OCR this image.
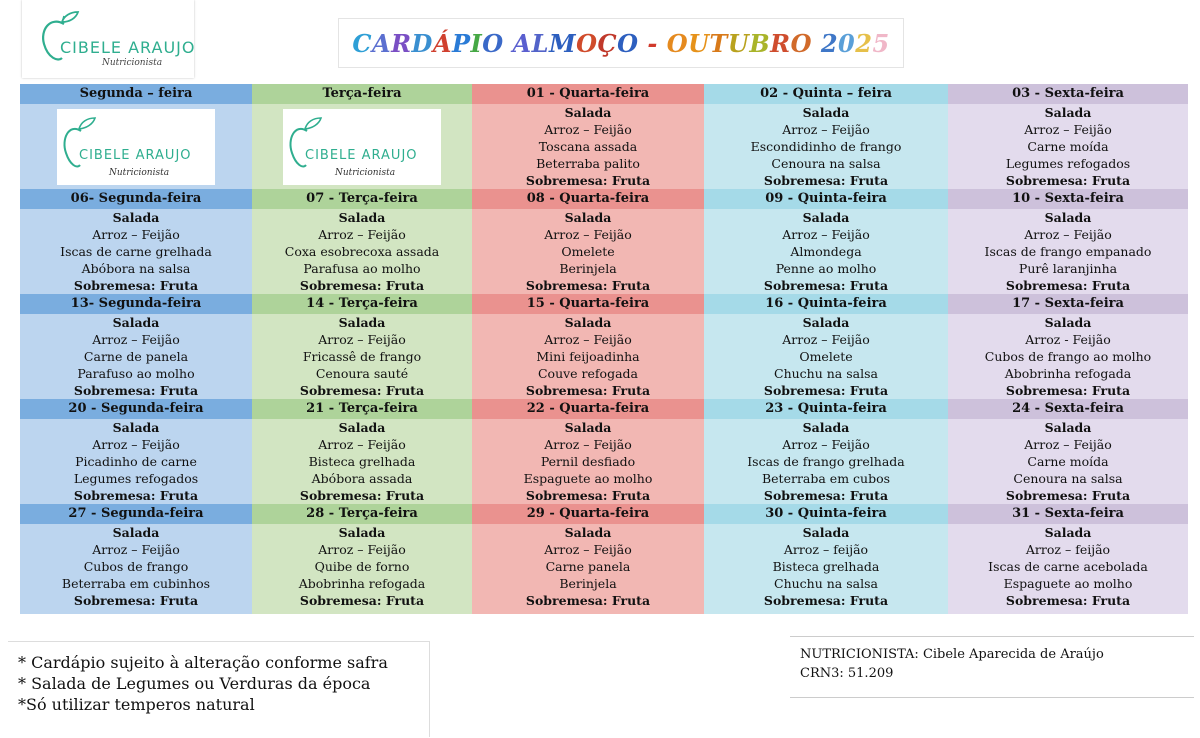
CIBELE ARAUJO
Nutricionista
CARDÁPIO ALMOÇO - OUTUBRO 2025
Segunda – feira
CIBELE ARAUJO
Nutricionista
06- Segunda-feira
Salada
Arroz – Feijão
Iscas de carne grelhada
Abóbora na salsa
Sobremesa: Fruta
13- Segunda-feira
Salada
Arroz – Feijão
Carne de panela
Parafuso ao molho
Sobremesa: Fruta
20 - Segunda-feira
Salada
Arroz – Feijão
Picadinho de carne
Legumes refogados
Sobremesa: Fruta
27 - Segunda-feira
Salada
Arroz – Feijão
Cubos de frango
Beterraba em cubinhos
Sobremesa: Fruta
Terça-feira
CIBELE ARAUJO
Nutricionista
07 - Terça-feira
Salada
Arroz – Feijão
Coxa esobrecoxa assada
Parafusa ao molho
Sobremesa: Fruta
14 - Terça-feira
Salada
Arroz – Feijão
Fricassê de frango
Cenoura sauté
Sobremesa: Fruta
21 - Terça-feira
Salada
Arroz – Feijão
Bisteca grelhada
Abóbora assada
Sobremesa: Fruta
28 - Terça-feira
Salada
Arroz – Feijão
Quibe de forno
Abobrinha refogada
Sobremesa: Fruta
01 - Quarta-feira
Salada
Arroz – Feijão
Toscana assada
Beterraba palito
Sobremesa: Fruta
08 - Quarta-feira
Salada
Arroz – Feijão
Omelete
Berinjela
Sobremesa: Fruta
15 - Quarta-feira
Salada
Arroz – Feijão
Mini feijoadinha
Couve refogada
Sobremesa: Fruta
22 - Quarta-feira
Salada
Arroz – Feijão
Pernil desfiado
Espaguete ao molho
Sobremesa: Fruta
29 - Quarta-feira
Salada
Arroz – Feijão
Carne panela
Berinjela
Sobremesa: Fruta
02 - Quinta – feira
Salada
Arroz – Feijão
Escondidinho de frango
Cenoura na salsa
Sobremesa: Fruta
09 - Quinta-feira
Salada
Arroz – Feijão
Almondega
Penne ao molho
Sobremesa: Fruta
16 - Quinta-feira
Salada
Arroz – Feijão
Omelete
Chuchu na salsa
Sobremesa: Fruta
23 - Quinta-feira
Salada
Arroz – Feijão
Iscas de frango grelhada
Beterraba em cubos
Sobremesa: Fruta
30 - Quinta-feira
Salada
Arroz – feijão
Bisteca grelhada
Chuchu na salsa
Sobremesa: Fruta
03 - Sexta-feira
Salada
Arroz – Feijão
Carne moída
Legumes refogados
Sobremesa: Fruta
10 - Sexta-feira
Salada
Arroz – Feijão
Iscas de frango empanado
Purê laranjinha
Sobremesa: Fruta
17 - Sexta-feira
Salada
Arroz - Feijão
Cubos de frango ao molho
Abobrinha refogada
Sobremesa: Fruta
24 - Sexta-feira
Salada
Arroz – Feijão
Carne moída
Cenoura na salsa
Sobremesa: Fruta
31 - Sexta-feira
Salada
Arroz – feijão
Iscas de carne acebolada
Espaguete ao molho
Sobremesa: Fruta
* Cardápio sujeito à alteração conforme safra
* Salada de Legumes ou Verduras da época
*Só utilizar temperos natural
NUTRICIONISTA: Cibele Aparecida de Araújo
CRN3: 51.209
